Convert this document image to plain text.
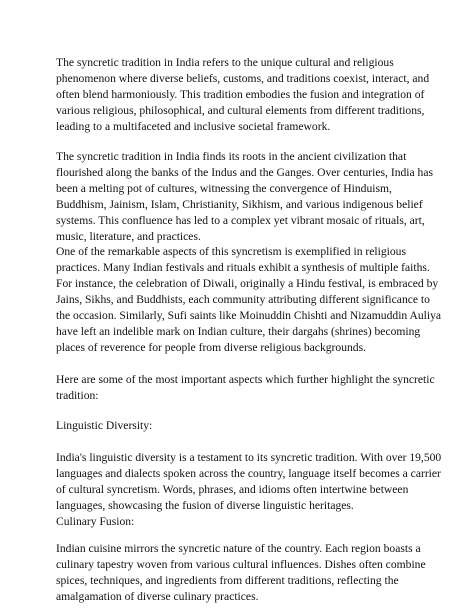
The syncretic tradition in India refers to the unique cultural and religious

phenomenon where diverse beliefs, customs, and traditions coexist, interact, and

often blend harmoniously. This tradition embodies the fusion and integration of

various religious, philosophical, and cultural elements from different traditions,

leading to a multifaceted and inclusive societal framework.

The syncretic tradition in India finds its roots in the ancient civilization that

flourished along the banks of the Indus and the Ganges. Over centuries, India has

been a melting pot of cultures, witnessing the convergence of Hinduism,

Buddhism, Jainism, Islam, Christianity, Sikhism, and various indigenous belief

systems. This confluence has led to a complex yet vibrant mosaic of rituals, art,

music, literature, and practices.

One of the remarkable aspects of this syncretism is exemplified in religious

practices. Many Indian festivals and rituals exhibit a synthesis of multiple faiths.

For instance, the celebration of Diwali, originally a Hindu festival, is embraced by

Jains, Sikhs, and Buddhists, each community attributing different significance to

the occasion. Similarly, Sufi saints like Moinuddin Chishti and Nizamuddin Auliya

have left an indelible mark on Indian culture, their dargahs (shrines) becoming

places of reverence for people from diverse religious backgrounds.

Here are some of the most important aspects which further highlight the syncretic

tradition:

Linguistic Diversity:

India's linguistic diversity is a testament to its syncretic tradition. With over 19,500

languages and dialects spoken across the country, language itself becomes a carrier

of cultural syncretism. Words, phrases, and idioms often intertwine between

languages, showcasing the fusion of diverse linguistic heritages.

Culinary Fusion:

Indian cuisine mirrors the syncretic nature of the country. Each region boasts a

culinary tapestry woven from various cultural influences. Dishes often combine

spices, techniques, and ingredients from different traditions, reflecting the

amalgamation of diverse culinary practices.
